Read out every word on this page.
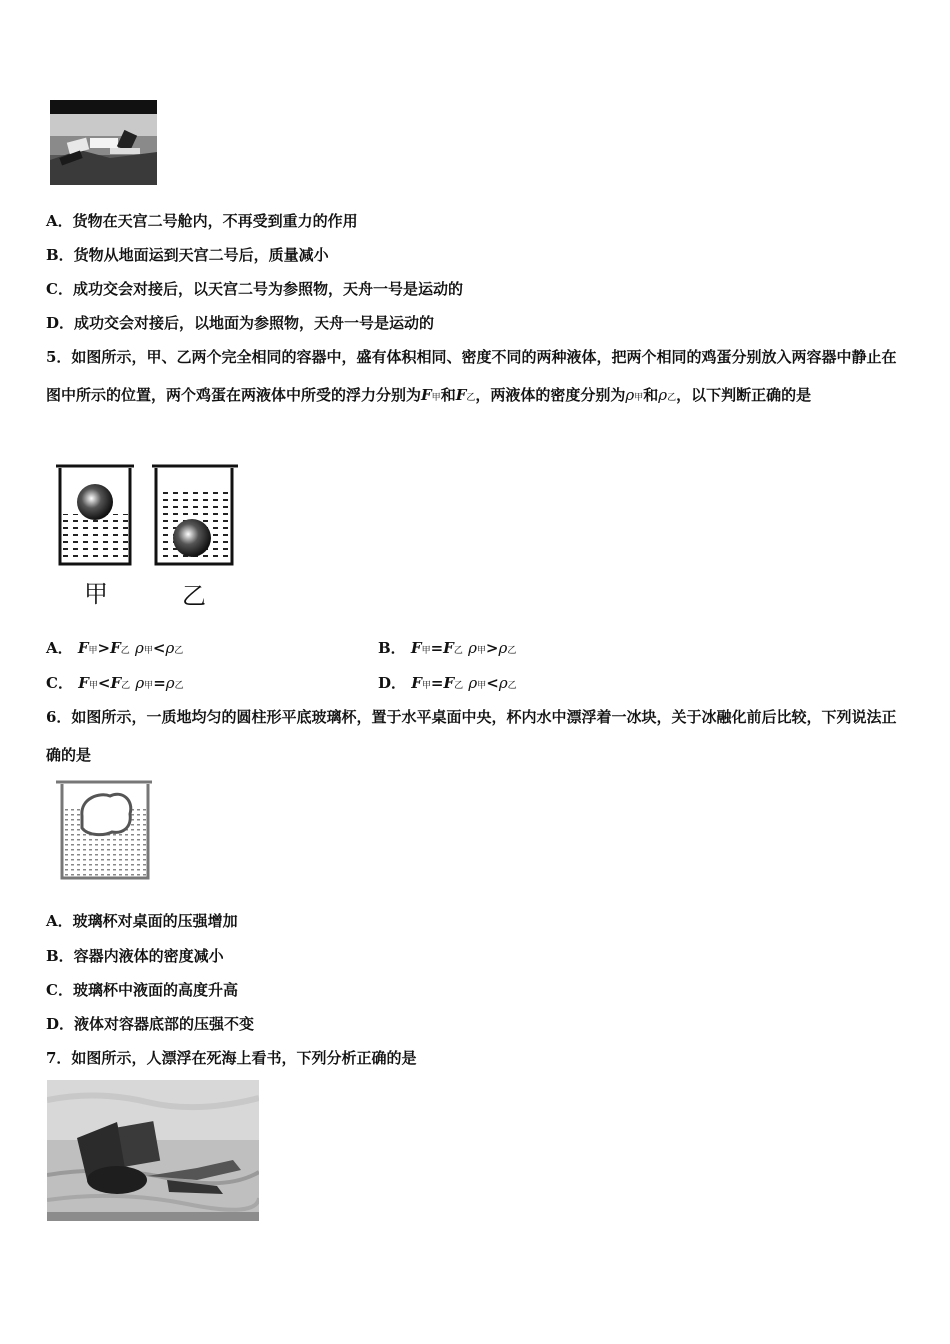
A．货物在天宫二号舱内，不再受到重力的作用
B．货物从地面运到天宫二号后，质量减小
C．成功交会对接后，以天宫二号为参照物，天舟一号是运动的
D．成功交会对接后，以地面为参照物，天舟一号是运动的
5．如图所示，甲、乙两个完全相同的容器中，盛有体积相同、密度不同的两种液体，把两个相同的鸡蛋分别放入两容器中静止在图中所示的位置，两个鸡蛋在两液体中所受的浮力分别为F甲和F乙，两液体的密度分别为ρ甲和ρ乙，以下判断正确的是
甲	乙
A． F甲>F乙 ρ甲<ρ乙	B． F甲=F乙 ρ甲>ρ乙
C． F甲<F乙 ρ甲=ρ乙	D． F甲=F乙 ρ甲<ρ乙
6．如图所示，一质地均匀的圆柱形平底玻璃杯，置于水平桌面中央，杯内水中漂浮着一冰块，关于冰融化前后比较，下列说法正确的是
A．玻璃杯对桌面的压强增加
B．容器内液体的密度减小
C．玻璃杯中液面的高度升高
D．液体对容器底部的压强不变
7．如图所示，人漂浮在死海上看书，下列分析正确的是
